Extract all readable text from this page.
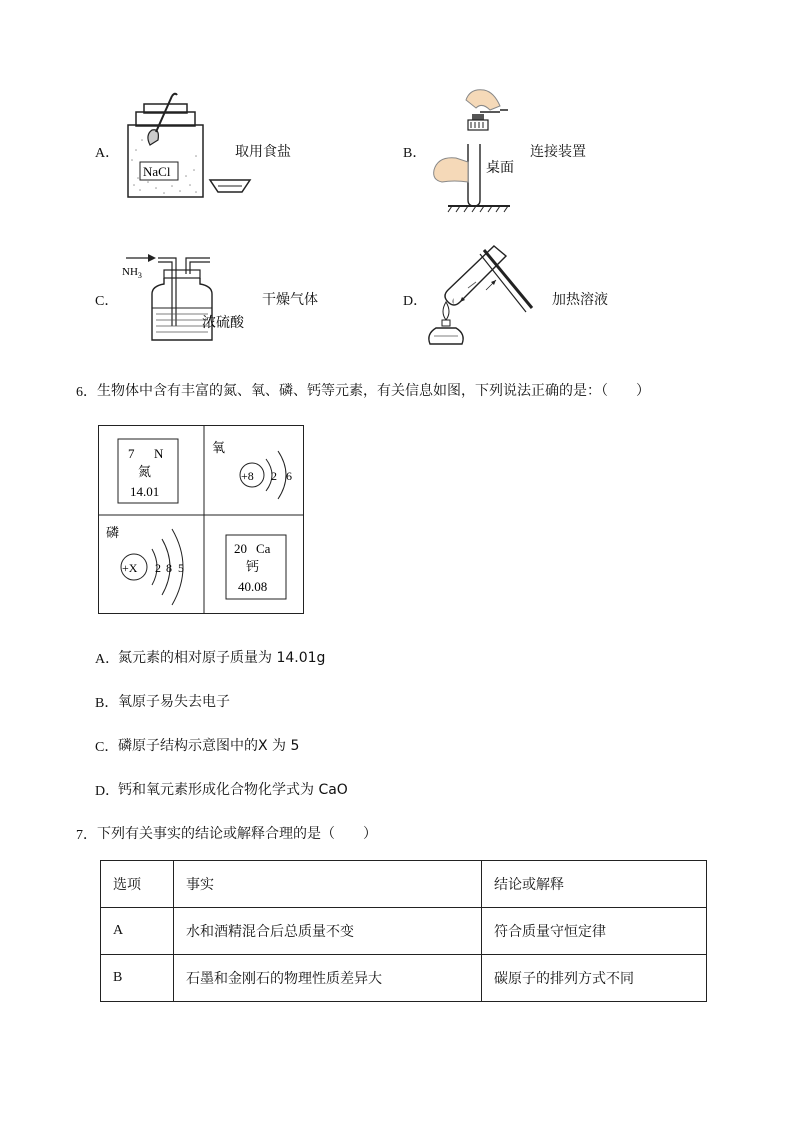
A．
NaCl
取用食盐	B．
桌面
连接装置
C．
$NH_3$
浓硫酸
干燥气体	D．	加热溶液
6． 生物体中含有丰富的氮、氧、磷、钙等元素，有关信息如图，下列说法正确的是：（　　）
7 N
氮
14.01
氧
+8 2 6
磷
+X 2 8 5
20 Ca
钙
40.08
A．
氮元素的相对原子质量为 14.01g
B． 氧原子易失去电子
C． 磷原子结构示意图中的X 为 5
D．
钙和氧元素形成化合物化学式为 CaO
7． 下列有关事实的结论或解释合理的是（　　）
选项	事实	结论或解释
A	水和酒精混合后总质量不变	符合质量守恒定律
B	石墨和金刚石的物理性质差异大	碳原子的排列方式不同
